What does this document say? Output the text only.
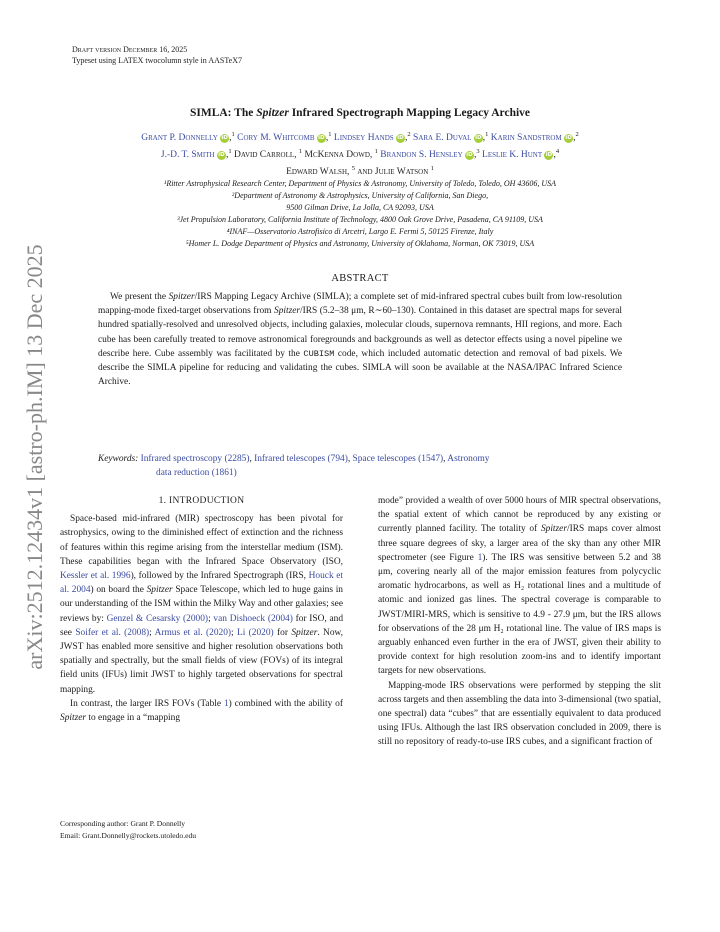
Draft version December 16, 2025
Typeset using LATEX twocolumn style in AASTeX7
arXiv:2512.12434v1 [astro-ph.IM] 13 Dec 2025
SIMLA: The Spitzer Infrared Spectrograph Mapping Legacy Archive
Grant P. Donnelly iD,$^1$ Cory M. Whitcomb iD,$^1$ Lindsey Hands iD,$^2$ Sara E. Duval iD,$^1$ Karin Sandstrom iD,$^2$
J.-D. T. Smith iD,$^1$ David Carroll, $^1$ McKenna Dowd, $^1$ Brandon S. Hensley iD,$^3$ Leslie K. Hunt iD,$^4$
Edward Walsh, $^5$ and Julie Watson $^1$
¹Ritter Astrophysical Research Center, Department of Physics & Astronomy, University of Toledo, Toledo, OH 43606, USA
²Department of Astronomy & Astrophysics, University of California, San Diego,
9500 Gilman Drive, La Jolla, CA 92093, USA
³Jet Propulsion Laboratory, California Institute of Technology, 4800 Oak Grove Drive, Pasadena, CA 91109, USA
⁴INAF—Osservatorio Astrofisico di Arcetri, Largo E. Fermi 5, 50125 Firenze, Italy
⁵Homer L. Dodge Department of Physics and Astronomy, University of Oklahoma, Norman, OK 73019, USA
ABSTRACT

We present the Spitzer/IRS Mapping Legacy Archive (SIMLA); a complete set of mid-infrared spectral cubes built from low-resolution mapping-mode fixed-target observations from Spitzer/IRS (5.2–38 μm, R∼60–130). Contained in this dataset are spectral maps for several hundred spatially-resolved and unresolved objects, including galaxies, molecular clouds, supernova remnants, HII regions, and more. Each cube has been carefully treated to remove astronomical foregrounds and backgrounds as well as detector effects using a novel pipeline we describe here. Cube assembly was facilitated by the CUBISM code, which included automatic detection and removal of bad pixels. We describe the SIMLA pipeline for reducing and validating the cubes. SIMLA will soon be available at the NASA/IPAC Infrared Science Archive.

Keywords: Infrared spectroscopy (2285), Infrared telescopes (794), Space telescopes (1547), Astronomy
data reduction (1861)
1. INTRODUCTION

Space-based mid-infrared (MIR) spectroscopy has been pivotal for astrophysics, owing to the diminished effect of extinction and the richness of features within this regime arising from the interstellar medium (ISM). These capabilities began with the Infrared Space Observatory (ISO, Kessler et al. 1996), followed by the Infrared Spectrograph (IRS, Houck et al. 2004) on board the Spitzer Space Telescope, which led to huge gains in our understanding of the ISM within the Milky Way and other galaxies; see reviews by: Genzel & Cesarsky (2000); van Dishoeck (2004) for ISO, and see Soifer et al. (2008); Armus et al. (2020); Li (2020) for Spitzer. Now, JWST has enabled more sensitive and higher resolution observations both spatially and spectrally, but the small fields of view (FOVs) of its integral field units (IFUs) limit JWST to highly targeted observations for spectral mapping.

In contrast, the larger IRS FOVs (Table 1) combined with the ability of Spitzer to engage in a “mapping

mode” provided a wealth of over 5000 hours of MIR spectral observations, the spatial extent of which cannot be reproduced by any existing or currently planned facility. The totality of Spitzer/IRS maps cover almost three square degrees of sky, a larger area of the sky than any other MIR spectrometer (see Figure 1). The IRS was sensitive between 5.2 and 38 μm, covering nearly all of the major emission features from polycyclic aromatic hydrocarbons, as well as H₂ rotational lines and a multitude of atomic and ionized gas lines. The spectral coverage is comparable to JWST/MIRI-MRS, which is sensitive to 4.9 - 27.9 μm, but the IRS allows for observations of the 28 μm H₂ rotational line. The value of IRS maps is arguably enhanced even further in the era of JWST, given their ability to provide context for high resolution zoom-ins and to identify important targets for new observations.

Mapping-mode IRS observations were performed by stepping the slit across targets and then assembling the data into 3-dimensional (two spatial, one spectral) data “cubes” that are essentially equivalent to data produced using IFUs. Although the last IRS observation concluded in 2009, there is still no repository of ready-to-use IRS cubes, and a significant fraction of

Corresponding author: Grant P. Donnelly
Email: Grant.Donnelly@rockets.utoledo.edu
